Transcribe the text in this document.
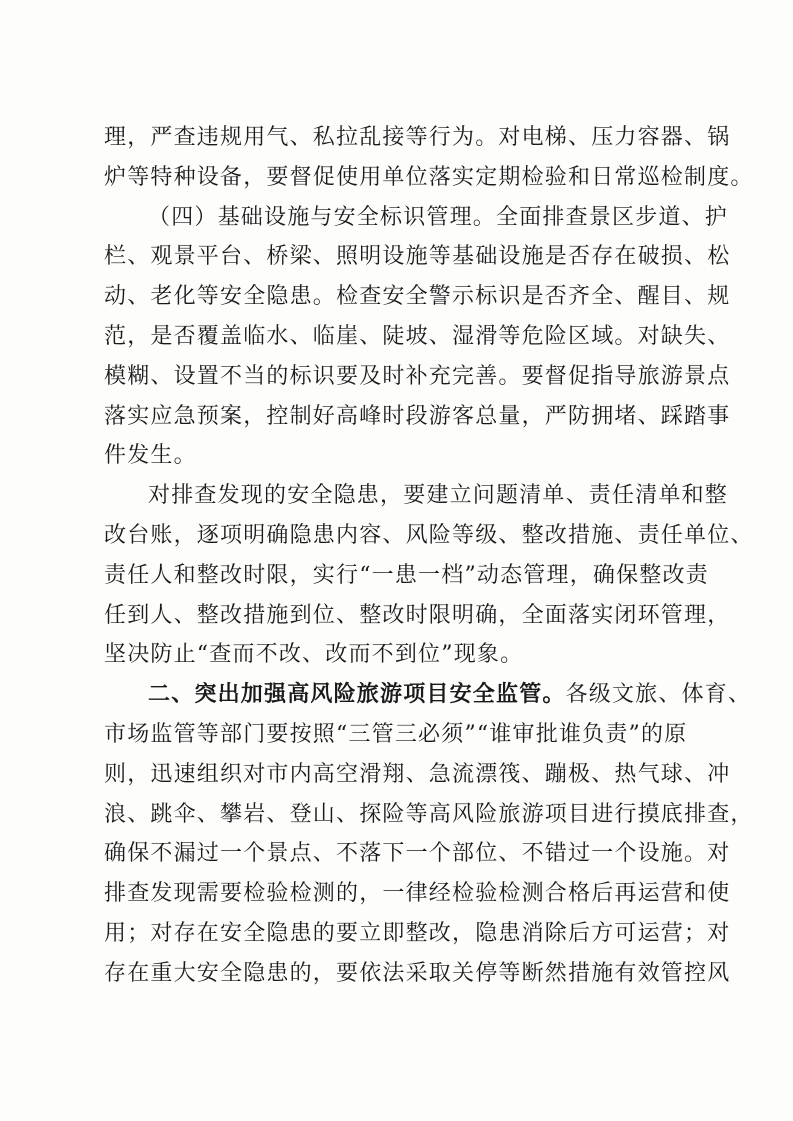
理，严查违规用气、私拉乱接等行为。对电梯、压力容器、锅
炉等特种设备，要督促使用单位落实定期检验和日常巡检制度。

（四）基础设施与安全标识管理。全面排查景区步道、护
栏、观景平台、桥梁、照明设施等基础设施是否存在破损、松
动、老化等安全隐患。检查安全警示标识是否齐全、醒目、规
范，是否覆盖临水、临崖、陡坡、湿滑等危险区域。对缺失、
模糊、设置不当的标识要及时补充完善。要督促指导旅游景点
落实应急预案，控制好高峰时段游客总量，严防拥堵、踩踏事
件发生。

对排查发现的安全隐患，要建立问题清单、责任清单和整
改台账，逐项明确隐患内容、风险等级、整改措施、责任单位、
责任人和整改时限，实行“一患一档”动态管理，确保整改责
任到人、整改措施到位、整改时限明确，全面落实闭环管理，
坚决防止“查而不改、改而不到位”现象。

二、突出加强高风险旅游项目安全监管。各级文旅、体育、
市场监管等部门要按照“三管三必须”“谁审批谁负责”的原
则，迅速组织对市内高空滑翔、急流漂筏、蹦极、热气球、冲
浪、跳伞、攀岩、登山、探险等高风险旅游项目进行摸底排查，
确保不漏过一个景点、不落下一个部位、不错过一个设施。对
排查发现需要检验检测的，一律经检验检测合格后再运营和使
用；对存在安全隐患的要立即整改，隐患消除后方可运营；对
存在重大安全隐患的，要依法采取关停等断然措施有效管控风
